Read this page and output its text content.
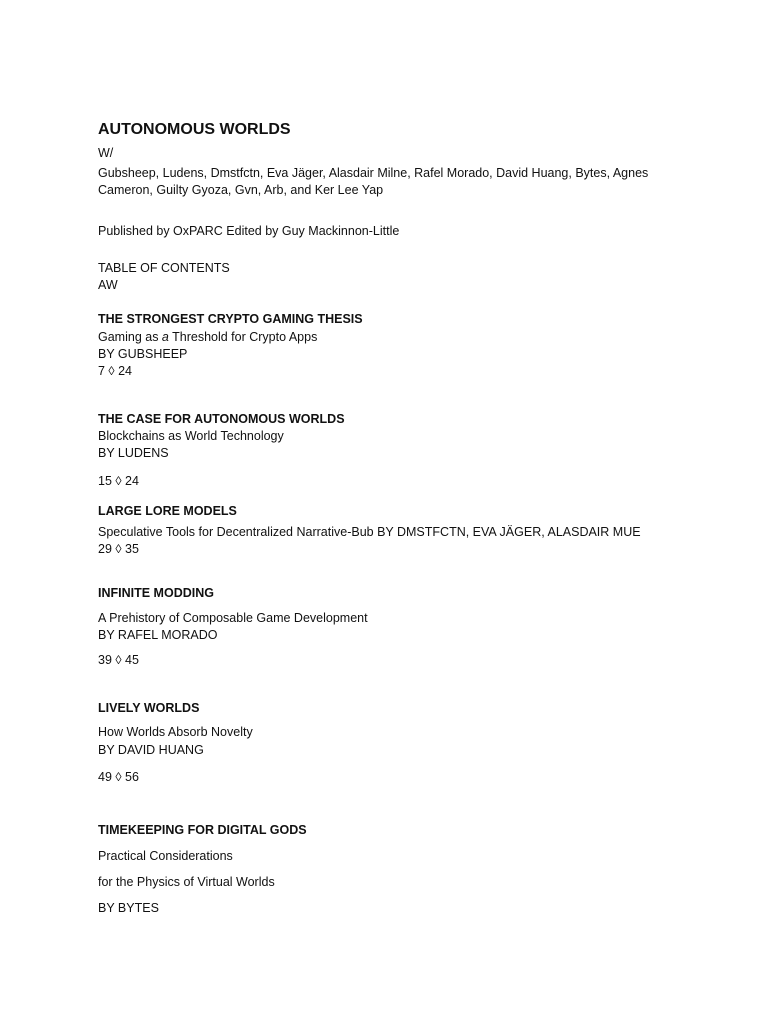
AUTONOMOUS WORLDS
W/
Gubsheep, Ludens, Dmstfctn, Eva Jäger, Alasdair Milne, Rafel Morado, David Huang, Bytes, Agnes Cameron, Guilty Gyoza, Gvn, Arb, and Ker Lee Yap
Published by OxPARC Edited by Guy Mackinnon-Little
TABLE OF CONTENTS
AW
THE STRONGEST CRYPTO GAMING THESIS
Gaming as a Threshold for Crypto Apps
BY GUBSHEEP
7 ◊ 24
THE CASE FOR AUTONOMOUS WORLDS
Blockchains as World Technology
BY LUDENS
15 ◊ 24
LARGE LORE MODELS
Speculative Tools for Decentralized Narrative-Bub BY DMSTFCTN, EVA JÄGER, ALASDAIR MUE
29 ◊ 35
INFINITE MODDING
A Prehistory of Composable Game Development
BY RAFEL MORADO
39 ◊ 45
LIVELY WORLDS
How Worlds Absorb Novelty
BY DAVID HUANG
49 ◊ 56
TIMEKEEPING FOR DIGITAL GODS
Practical Considerations
for the Physics of Virtual Worlds
BY BYTES
